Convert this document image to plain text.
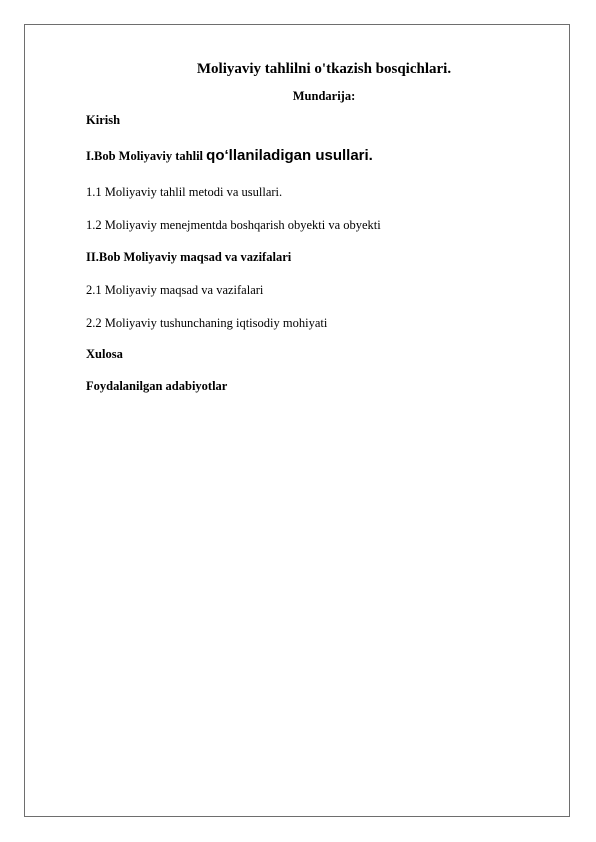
Moliyaviy tahlilni o'tkazish bosqichlari.
Mundarija:
Kirish
I.Bob Moliyaviy tahlil qo‘llaniladigan usullari.
1.1 Moliyaviy tahlil metodi va usullari.
1.2 Moliyaviy menejmentda boshqarish obyekti va obyekti
II.Bob Moliyaviy maqsad va vazifalari
2.1 Moliyaviy maqsad va vazifalari
2.2 Moliyaviy tushunchaning iqtisodiy mohiyati
Xulosa
Foydalanilgan adabiyotlar
